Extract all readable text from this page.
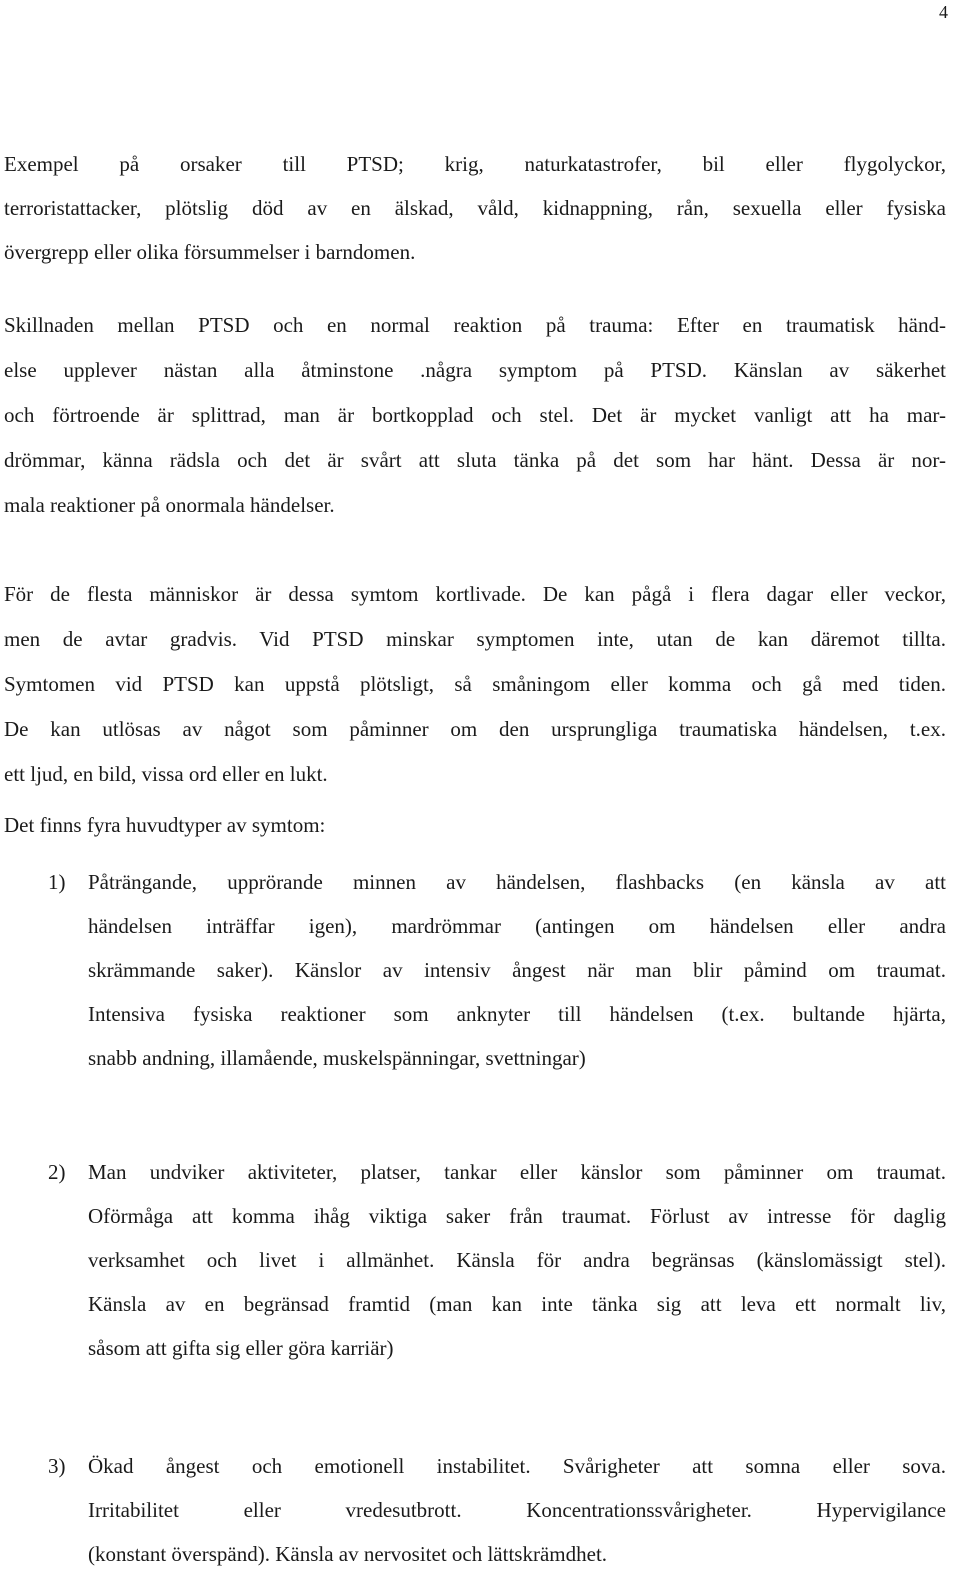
4
Exempel på orsaker till PTSD; krig, naturkatastrofer, bil eller flygolyckor,
terroristattacker, plötslig död av en älskad, våld, kidnappning, rån, sexuella eller fysiska
övergrepp eller olika försummelser i barndomen.
Skillnaden mellan PTSD och en normal reaktion på trauma: Efter en traumatisk händ-
else upplever nästan alla åtminstone .några symptom på PTSD. Känslan av säkerhet
och förtroende är splittrad, man är bortkopplad och stel. Det är mycket vanligt att ha mar-
drömmar, känna rädsla och det är svårt att sluta tänka på det som har hänt. Dessa är nor-
mala reaktioner på onormala händelser.
För de flesta människor är dessa symtom kortlivade. De kan pågå i flera dagar eller veckor,
men de avtar gradvis. Vid PTSD minskar symptomen inte, utan de kan däremot tillta.
Symtomen vid PTSD kan uppstå plötsligt, så småningom eller komma och gå med tiden.
De kan utlösas av något som påminner om den ursprungliga traumatiska händelsen, t.ex.
ett ljud, en bild, vissa ord eller en lukt.
Det finns fyra huvudtyper av symtom:
1) Påträngande, upprörande minnen av händelsen, flashbacks (en känsla av att
händelsen inträffar igen), mardrömmar (antingen om händelsen eller andra
skrämmande saker). Känslor av intensiv ångest när man blir påmind om traumat.
Intensiva fysiska reaktioner som anknyter till händelsen (t.ex. bultande hjärta,
snabb andning, illamående, muskelspänningar, svettningar)
2) Man undviker aktiviteter, platser, tankar eller känslor som påminner om traumat.
Oförmåga att komma ihåg viktiga saker från traumat. Förlust av intresse för daglig
verksamhet och livet i allmänhet. Känsla för andra begränsas (känslomässigt stel).
Känsla av en begränsad framtid (man kan inte tänka sig att leva ett normalt liv,
såsom att gifta sig eller göra karriär)
3) Ökad ångest och emotionell instabilitet. Svårigheter att somna eller sova.
Irritabilitet eller vredesutbrott. Koncentrationssvårigheter. Hypervigilance
(konstant överspänd). Känsla av nervositet och lättskrämdhet.
